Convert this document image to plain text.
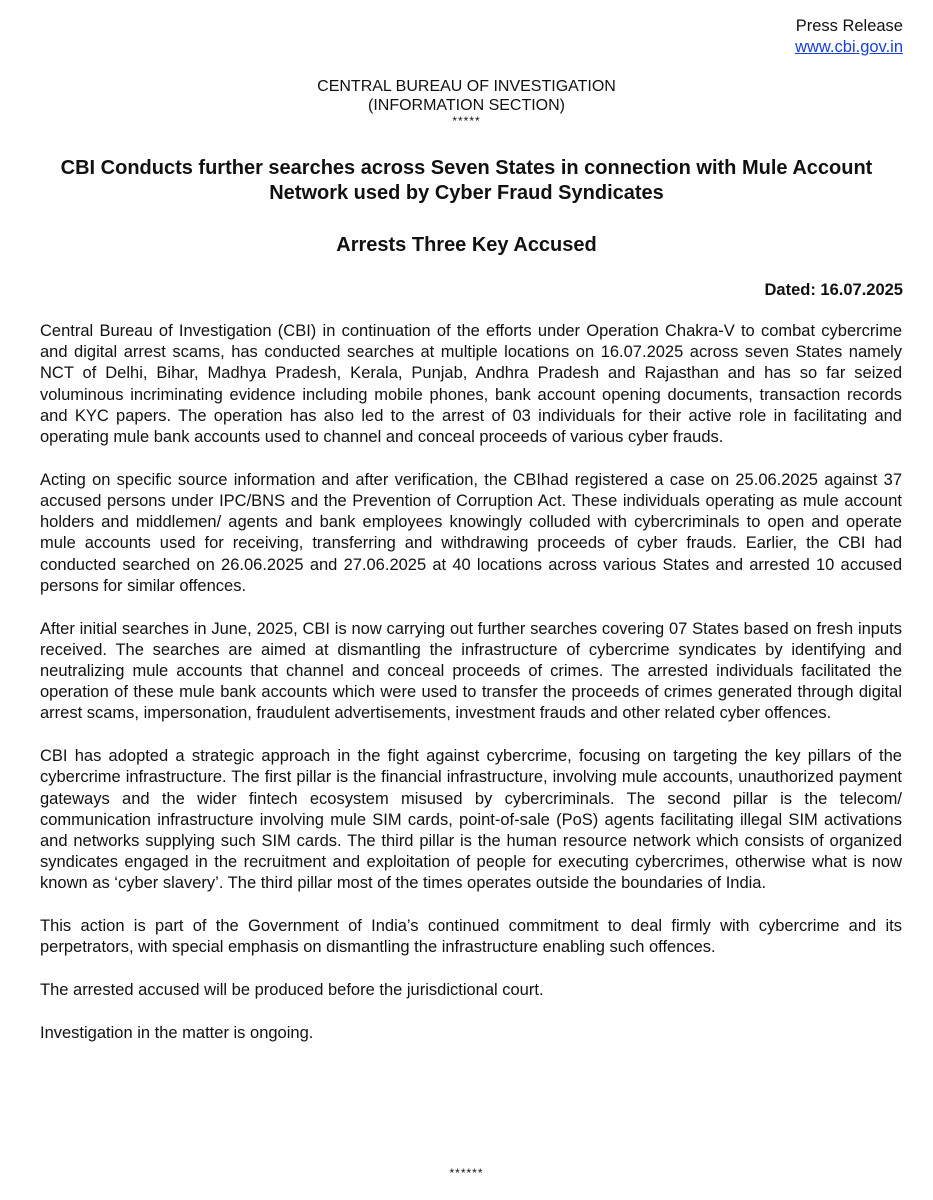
Press Release
www.cbi.gov.in
CENTRAL BUREAU OF INVESTIGATION
(INFORMATION SECTION)
*****
CBI Conducts further searches across Seven States in connection with Mule Account Network used by Cyber Fraud Syndicates
Arrests Three Key Accused
Dated: 16.07.2025

Central Bureau of Investigation (CBI) in continuation of the efforts under Operation Chakra-V to combat cybercrime and digital arrest scams, has conducted searches at multiple locations on 16.07.2025 across seven States namely NCT of Delhi, Bihar, Madhya Pradesh, Kerala, Punjab, Andhra Pradesh and Rajasthan and has so far seized voluminous incriminating evidence including mobile phones, bank account opening documents, transaction records and KYC papers. The operation has also led to the arrest of 03 individuals for their active role in facilitating and operating mule bank accounts used to channel and conceal proceeds of various cyber frauds.

Acting on specific source information and after verification, the CBIhad registered a case on 25.06.2025 against 37 accused persons under IPC/BNS and the Prevention of Corruption Act. These individuals operating as mule account holders and middlemen/ agents and bank employees knowingly colluded with cybercriminals to open and operate mule accounts used for receiving, transferring and withdrawing proceeds of cyber frauds. Earlier, the CBI had conducted searched on 26.06.2025 and 27.06.2025 at 40 locations across various States and arrested 10 accused persons for similar offences.

After initial searches in June, 2025, CBI is now carrying out further searches covering 07 States based on fresh inputs received. The searches are aimed at dismantling the infrastructure of cybercrime syndicates by identifying and neutralizing mule accounts that channel and conceal proceeds of crimes. The arrested individuals facilitated the operation of these mule bank accounts which were used to transfer the proceeds of crimes generated through digital arrest scams, impersonation, fraudulent advertisements, investment frauds and other related cyber offences.

CBI has adopted a strategic approach in the fight against cybercrime, focusing on targeting the key pillars of the cybercrime infrastructure. The first pillar is the financial infrastructure, involving mule accounts, unauthorized payment gateways and the wider fintech ecosystem misused by cybercriminals. The second pillar is the telecom/ communication infrastructure involving mule SIM cards, point-of-sale (PoS) agents facilitating illegal SIM activations and networks supplying such SIM cards. The third pillar is the human resource network which consists of organized syndicates engaged in the recruitment and exploitation of people for executing cybercrimes, otherwise what is now known as ‘cyber slavery’. The third pillar most of the times operates outside the boundaries of India.

This action is part of the Government of India’s continued commitment to deal firmly with cybercrime and its perpetrators, with special emphasis on dismantling the infrastructure enabling such offences.

The arrested accused will be produced before the jurisdictional court.

Investigation in the matter is ongoing.

******
